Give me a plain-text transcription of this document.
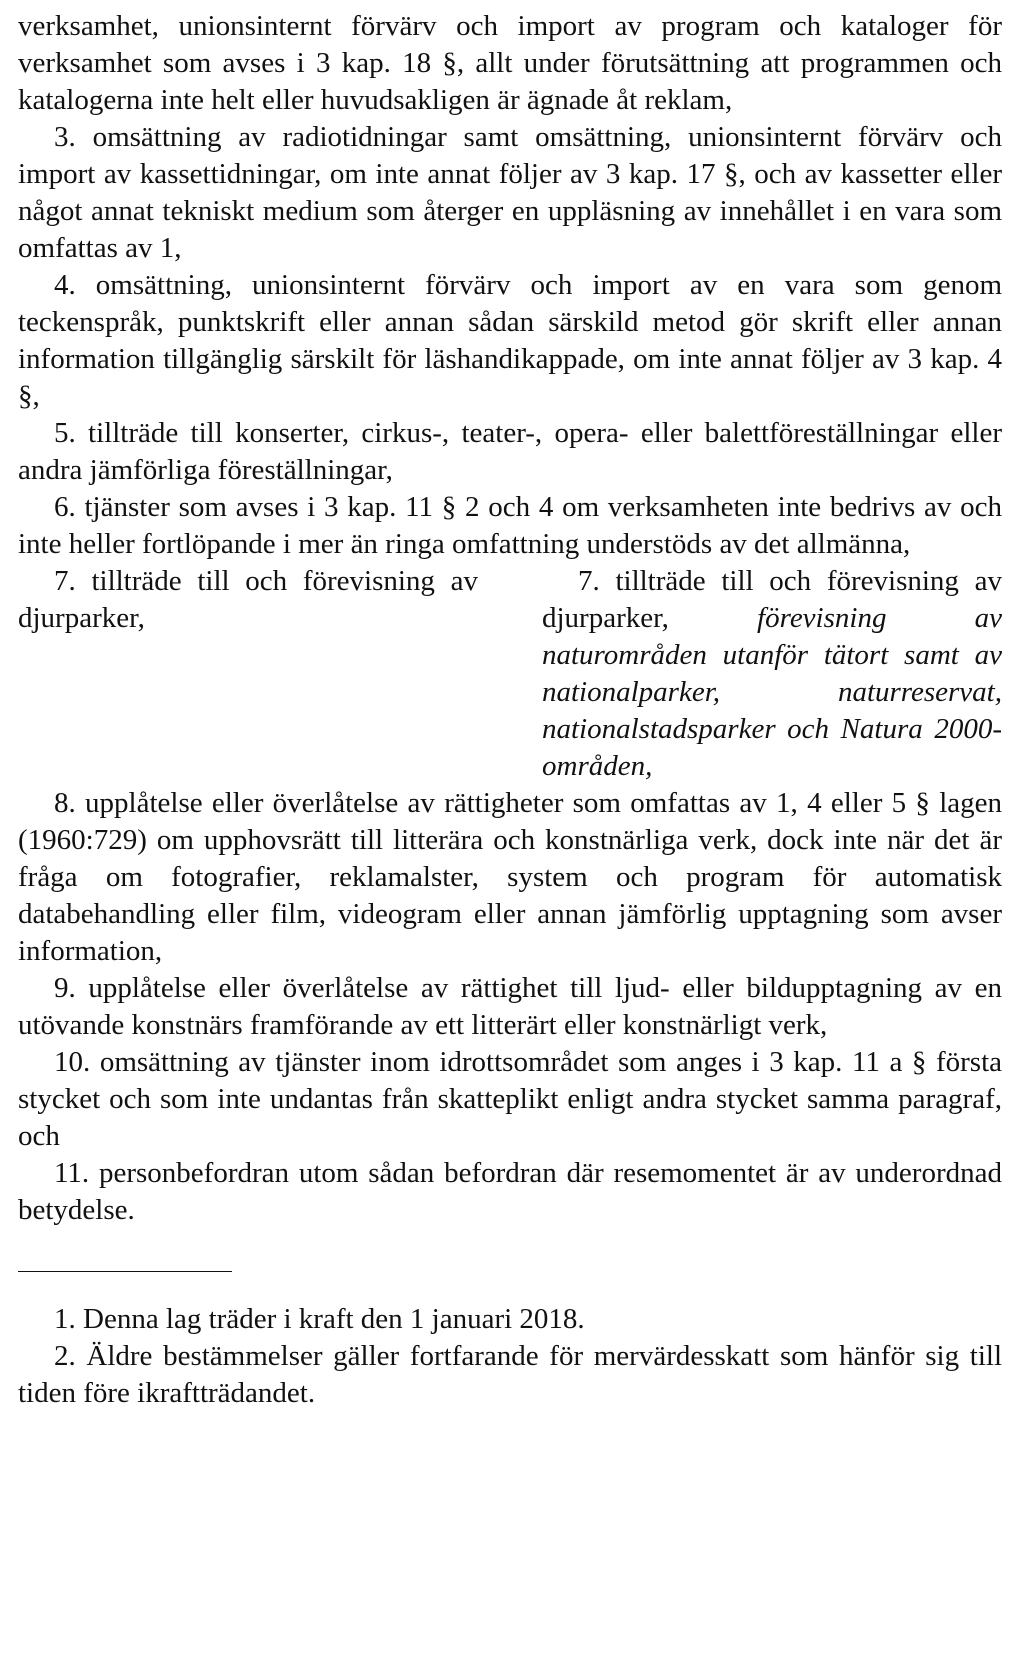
verksamhet, unionsinternt förvärv och import av program och kataloger för verksamhet som avses i 3 kap. 18 §, allt under förutsättning att programmen och katalogerna inte helt eller huvudsakligen är ägnade åt reklam,

3. omsättning av radiotidningar samt omsättning, unionsinternt förvärv och import av kassettidningar, om inte annat följer av 3 kap. 17 §, och av kassetter eller något annat tekniskt medium som återger en uppläsning av innehållet i en vara som omfattas av 1,

4. omsättning, unionsinternt förvärv och import av en vara som genom teckenspråk, punktskrift eller annan sådan särskild metod gör skrift eller annan information tillgänglig särskilt för läshandikappade, om inte annat följer av 3 kap. 4 §,

5. tillträde till konserter, cirkus-, teater-, opera- eller balettföreställningar eller andra jämförliga föreställningar,

6. tjänster som avses i 3 kap. 11 § 2 och 4 om verksamheten inte bedrivs av och inte heller fortlöpande i mer än ringa omfattning understöds av det allmänna,

7. tillträde till och förevisning av djurparker,

7. tillträde till och förevisning av djurparker, förevisning av naturområden utanför tätort samt av nationalparker, naturreservat, nationalstadsparker och Natura 2000-områden,

8. upplåtelse eller överlåtelse av rättigheter som omfattas av 1, 4 eller 5 § lagen (1960:729) om upphovsrätt till litterära och konstnärliga verk, dock inte när det är fråga om fotografier, reklamalster, system och program för automatisk databehandling eller film, videogram eller annan jämförlig upptagning som avser information,

9. upplåtelse eller överlåtelse av rättighet till ljud- eller bildupptagning av en utövande konstnärs framförande av ett litterärt eller konstnärligt verk,

10. omsättning av tjänster inom idrottsområdet som anges i 3 kap. 11 a § första stycket och som inte undantas från skatteplikt enligt andra stycket samma paragraf, och

11. personbefordran utom sådan befordran där resemomentet är av underordnad betydelse.

1. Denna lag träder i kraft den 1 januari 2018.

2. Äldre bestämmelser gäller fortfarande för mervärdesskatt som hänför sig till tiden före ikraftträdandet.
